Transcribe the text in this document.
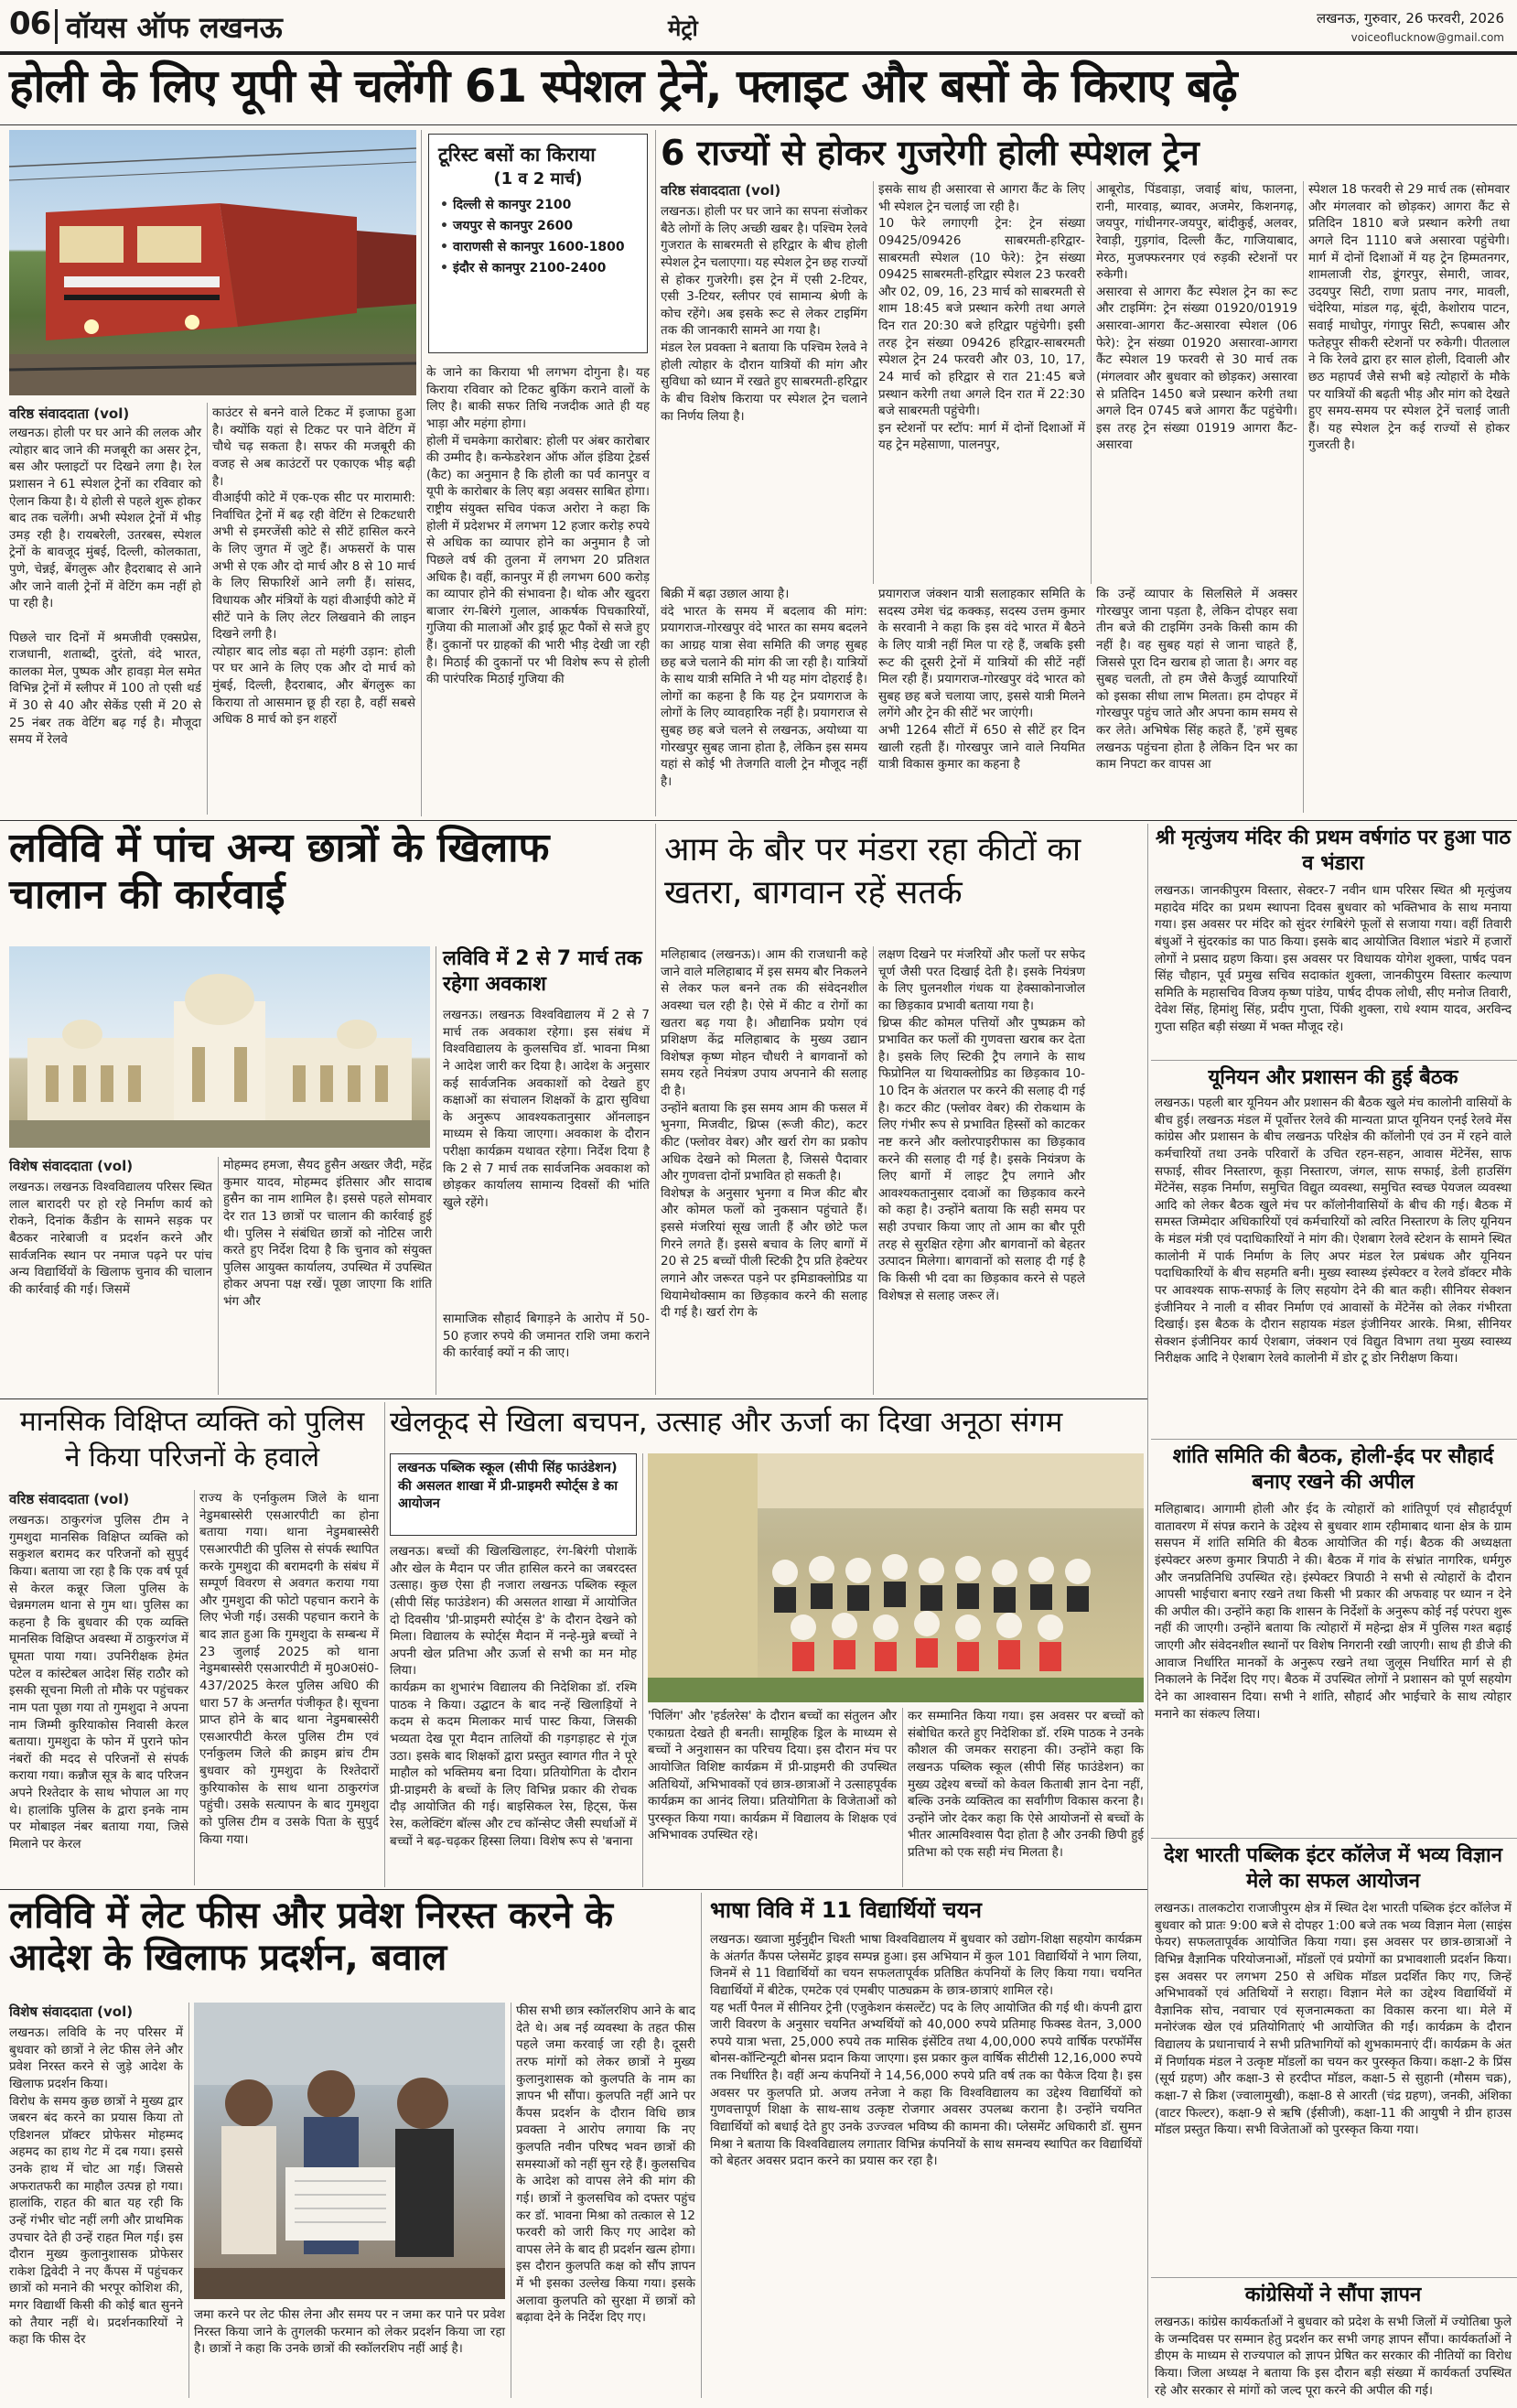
06 वॉयस ऑफ लखनऊ	मेट्रो	लखनऊ, गुरुवार, 26 फरवरी, 2026
voiceoflucknow@gmail.com
होली के लिए यूपी से चलेंगी 61 स्पेशल ट्रेनें, फ्लाइट और बसों के किराए बढ़े
वरिष्ठ संवाददाता (vol)
लखनऊ। होली पर घर आने की ललक और त्योहार बाद जाने की मजबूरी का असर ट्रेन, बस और फ्लाइटों पर दिखने लगा है। रेल प्रशासन ने 61 स्पेशल ट्रेनों का रविवार को ऐलान किया है। ये होली से पहले शुरू होकर बाद तक चलेंगी। अभी स्पेशल ट्रेनों में भीड़ उमड़ रही है। रायबरेली, उतरबस, स्पेशल ट्रेनों के बावजूद मुंबई, दिल्ली, कोलकाता, पुणे, चेन्नई, बेंगलुरू और हैदराबाद से आने और जाने वाली ट्रेनों में वेटिंग कम नहीं हो पा रही है।

पिछले चार दिनों में श्रमजीवी एक्सप्रेस, राजधानी, शताब्दी, दुरंतो, वंदे भारत, कालका मेल, पुष्पक और हावड़ा मेल समेत विभिन्न ट्रेनों में स्लीपर में 100 तो एसी थर्ड में 30 से 40 और सेकेंड एसी में 20 से 25 नंबर तक वेटिंग बढ़ गई है। मौजूदा समय में रेलवे
काउंटर से बनने वाले टिकट में इजाफा हुआ है। क्योंकि यहां से टिकट पर पाने वेटिंग में चौथे चढ़ सकता है। सफर की मजबूरी की वजह से अब काउंटरों पर एकाएक भीड़ बढ़ी है।
वीआईपी कोटे में एक-एक सीट पर मारामारी: निर्वाचित ट्रेनों में बढ़ रही वेटिंग से टिकटधारी अभी से इमरजेंसी कोटे से सीटें हासिल करने के लिए जुगत में जुटे हैं। अफसरों के पास अभी से एक और दो मार्च और 8 से 10 मार्च के लिए सिफारिशें आने लगी हैं। सांसद, विधायक और मंत्रियों के यहां वीआईपी कोटे में सीटें पाने के लिए लेटर लिखवाने की लाइन दिखने लगी है।
त्योहार बाद लोड बढ़ा तो महंगी उड़ान: होली पर घर आने के लिए एक और दो मार्च को मुंबई, दिल्ली, हैदराबाद, और बेंगलुरू का किराया तो आसमान छू ही रहा है, वहीं सबसे अधिक 8 मार्च को इन शहरों
टूरिस्ट बसों का किराया
(1 व 2 मार्च)
• दिल्ली से कानपुर 2100
• जयपुर से कानपुर 2600
• वाराणसी से कानपुर 1600-1800
• इंदौर से कानपुर 2100-2400
के जाने का किराया भी लगभग दोगुना है। यह किराया रविवार को टिकट बुकिंग कराने वालों के लिए है। बाकी सफर तिथि नजदीक आते ही यह भाड़ा और महंगा होगा।
होली में चमकेगा कारोबार: होली पर अंबर कारोबार की उम्मीद है। कन्फेडरेशन ऑफ ऑल इंडिया ट्रेडर्स (कैट) का अनुमान है कि होली का पर्व कानपुर व यूपी के कारोबार के लिए बड़ा अवसर साबित होगा। राष्ट्रीय संयुक्त सचिव पंकज अरोरा ने कहा कि होली में प्रदेशभर में लगभग 12 हजार करोड़ रुपये से अधिक का व्यापार होने का अनुमान है जो पिछले वर्ष की तुलना में लगभग 20 प्रतिशत अधिक है। वहीं, कानपुर में ही लगभग 600 करोड़ का व्यापार होने की संभावना है। थोक और खुदरा बाजार रंग-बिरंगे गुलाल, आकर्षक पिचकारियों, गुजिया की मालाओं और ड्राई फ्रूट पैकों से सजे हुए हैं। दुकानों पर ग्राहकों की भारी भीड़ देखी जा रही है। मिठाई की दुकानों पर भी विशेष रूप से होली की पारंपरिक मिठाई गुजिया की
6 राज्यों से होकर गुजरेगी होली स्पेशल ट्रेन
वरिष्ठ संवाददाता (vol)
लखनऊ। होली पर घर जाने का सपना संजोकर बैठे लोगों के लिए अच्छी खबर है। पश्चिम रेलवे गुजरात के साबरमती से हरिद्वार के बीच होली स्पेशल ट्रेन चलाएगा। यह स्पेशल ट्रेन छह राज्यों से होकर गुजरेगी। इस ट्रेन में एसी 2-टियर, एसी 3-टियर, स्लीपर एवं सामान्य श्रेणी के कोच रहेंगे। अब इसके रूट से लेकर टाइमिंग तक की जानकारी सामने आ गया है।
मंडल रेल प्रवक्ता ने बताया कि पश्चिम रेलवे ने होली त्योहार के दौरान यात्रियों की मांग और सुविधा को ध्यान में रखते हुए साबरमती-हरिद्वार के बीच विशेष किराया पर स्पेशल ट्रेन चलाने का निर्णय लिया है।
इसके साथ ही असारवा से आगरा कैंट के लिए भी स्पेशल ट्रेन चलाई जा रही है।
10 फेरे लगाएगी ट्रेन: ट्रेन संख्या 09425/09426 साबरमती-हरिद्वार-साबरमती स्पेशल (10 फेरे): ट्रेन संख्या 09425 साबरमती-हरिद्वार स्पेशल 23 फरवरी और 02, 09, 16, 23 मार्च को साबरमती से शाम 18:45 बजे प्रस्थान करेगी तथा अगले दिन रात 20:30 बजे हरिद्वार पहुंचेगी। इसी तरह ट्रेन संख्या 09426 हरिद्वार-साबरमती स्पेशल ट्रेन 24 फरवरी और 03, 10, 17, 24 मार्च को हरिद्वार से रात 21:45 बजे प्रस्थान करेगी तथा अगले दिन रात में 22:30 बजे साबरमती पहुंचेगी।
इन स्टेशनों पर स्टॉप: मार्ग में दोनों दिशाओं में यह ट्रेन महेसाणा, पालनपुर,
आबूरोड, पिंडवाड़ा, जवाई बांध, फालना, रानी, मारवाड़, ब्यावर, अजमेर, किशनगढ़, जयपुर, गांधीनगर-जयपुर, बांदीकुई, अलवर, रेवाड़ी, गुड़गांव, दिल्ली कैंट, गाजियाबाद, मेरठ, मुजफ्फरनगर एवं रुड़की स्टेशनों पर रुकेगी।
असारवा से आगरा कैंट स्पेशल ट्रेन का रूट और टाइमिंग: ट्रेन संख्या 01920/01919 असारवा-आगरा कैंट-असारवा स्पेशल (06 फेरे): ट्रेन संख्या 01920 असारवा-आगरा कैंट स्पेशल 19 फरवरी से 30 मार्च तक (मंगलवार और बुधवार को छोड़कर) असारवा से प्रतिदिन 1450 बजे प्रस्थान करेगी तथा अगले दिन 0745 बजे आगरा कैंट पहुंचेगी। इस तरह ट्रेन संख्या 01919 आगरा कैंट-असारवा
स्पेशल 18 फरवरी से 29 मार्च तक (सोमवार और मंगलवार को छोड़कर) आगरा कैंट से प्रतिदिन 1810 बजे प्रस्थान करेगी तथा अगले दिन 1110 बजे असारवा पहुंचेगी। मार्ग में दोनों दिशाओं में यह ट्रेन हिम्मतनगर, शामलाजी रोड, डूंगरपुर, सेमारी, जावर, उदयपुर सिटी, राणा प्रताप नगर, मावली, चंदेरिया, मांडल गढ़, बूंदी, केशोराय पाटन, सवाई माधोपुर, गंगापुर सिटी, रूपबास और फतेहपुर सीकरी स्टेशनों पर रुकेगी। पीतलाल ने कि रेलवे द्वारा हर साल होली, दिवाली और छठ महापर्व जैसे सभी बड़े त्योहारों के मौके पर यात्रियों की बढ़ती भीड़ और मांग को देखते हुए समय-समय पर स्पेशल ट्रेनें चलाई जाती हैं। यह स्पेशल ट्रेन कई राज्यों से होकर गुजरती है।
बिक्री में बढ़ा उछाल आया है।
वंदे भारत के समय में बदलाव की मांग: प्रयागराज-गोरखपुर वंदे भारत का समय बदलने का आग्रह यात्रा सेवा समिति की जगह सुबह छह बजे चलाने की मांग की जा रही है। यात्रियों के साथ यात्री समिति ने भी यह मांग दोहराई है। लोगों का कहना है कि यह ट्रेन प्रयागराज के लोगों के लिए व्यावहारिक नहीं है। प्रयागराज से सुबह छह बजे चलने से लखनऊ, अयोध्या या गोरखपुर सुबह जाना होता है, लेकिन इस समय यहां से कोई भी तेजगति वाली ट्रेन मौजूद नहीं है।
प्रयागराज जंक्शन यात्री सलाहकार समिति के सदस्य उमेश चंद्र कक्कड़, सदस्य उत्तम कुमार के सरवानी ने कहा कि इस वंदे भारत में बैठने के लिए यात्री नहीं मिल पा रहे हैं, जबकि इसी रूट की दूसरी ट्रेनों में यात्रियों की सीटें नहीं मिल रही हैं। प्रयागराज-गोरखपुर वंदे भारत को सुबह छह बजे चलाया जाए, इससे यात्री मिलने लगेंगे और ट्रेन की सीटें भर जाएंगी।
अभी 1264 सीटों में 650 से सीटें हर दिन खाली रहती हैं। गोरखपुर जाने वाले नियमित यात्री विकास कुमार का कहना है
कि उन्हें व्यापार के सिलसिले में अक्सर गोरखपुर जाना पड़ता है, लेकिन दोपहर सवा तीन बजे की टाइमिंग उनके किसी काम की नहीं है। वह सुबह यहां से जाना चाहते हैं, जिससे पूरा दिन खराब हो जाता है। अगर वह सुबह चलती, तो हम जैसे कैजुई व्यापारियों को इसका सीधा लाभ मिलता। हम दोपहर में गोरखपुर पहुंच जाते और अपना काम समय से कर लेते। अभिषेक सिंह कहते हैं, 'हमें सुबह लखनऊ पहुंचना होता है लेकिन दिन भर का काम निपटा कर वापस आ
लविवि में पांच अन्य छात्रों के खिलाफ चालान की कार्रवाई
लविवि में 2 से 7 मार्च तक रहेगा अवकाश
लखनऊ। लखनऊ विश्वविद्यालय में 2 से 7 मार्च तक अवकाश रहेगा। इस संबंध में विश्वविद्यालय के कुलसचिव डॉ. भावना मिश्रा ने आदेश जारी कर दिया है। आदेश के अनुसार कई सार्वजनिक अवकाशों को देखते हुए कक्षाओं का संचालन शिक्षकों के द्वारा सुविधा के अनुरूप आवश्यकतानुसार ऑनलाइन माध्यम से किया जाएगा। अवकाश के दौरान परीक्षा कार्यक्रम यथावत रहेगा। निर्देश दिया है कि 2 से 7 मार्च तक सार्वजनिक अवकाश को छोड़कर कार्यालय सामान्य दिवसों की भांति खुले रहेंगे।
सामाजिक सौहार्द बिगाड़ने के आरोप में 50-50 हजार रुपये की जमानत राशि जमा कराने की कार्रवाई क्यों न की जाए।
विशेष संवाददाता (vol)
लखनऊ। लखनऊ विश्वविद्यालय परिसर स्थित लाल बारादरी पर हो रहे निर्माण कार्य को रोकने, दिनांक कैंडीन के सामने सड़क पर बैठकर नारेबाजी व प्रदर्शन करने और सार्वजनिक स्थान पर नमाज पढ़ने पर पांच अन्य विद्यार्थियों के खिलाफ चुनाव की चालान की कार्रवाई की गई। जिसमें
मोहम्मद हमजा, सैयद हुसैन अख्तर जैदी, महेंद्र कुमार यादव, मोहम्मद इंतिसार और सादाब हुसैन का नाम शामिल है। इससे पहले सोमवार देर रात 13 छात्रों पर चालान की कार्रवाई हुई थी। पुलिस ने संबंधित छात्रों को नोटिस जारी करते हुए निर्देश दिया है कि चुनाव को संयुक्त पुलिस आयुक्त कार्यालय, उपस्थित में उपस्थित होकर अपना पक्ष रखें। पूछा जाएगा कि शांति भंग और
आम के बौर पर मंडरा रहा कीटों का खतरा, बागवान रहें सतर्क
मलिहाबाद (लखनऊ)। आम की राजधानी कहे जाने वाले मलिहाबाद में इस समय बौर निकलने से लेकर फल बनने तक की संवेदनशील अवस्था चल रही है। ऐसे में कीट व रोगों का खतरा बढ़ गया है। औद्यानिक प्रयोग एवं प्रशिक्षण केंद्र मलिहाबाद के मुख्य उद्यान विशेषज्ञ कृष्ण मोहन चौधरी ने बागवानों को समय रहते नियंत्रण उपाय अपनाने की सलाह दी है।
उन्होंने बताया कि इस समय आम की फसल में भुनगा, मिजवीट, थ्रिप्स (रूजी कीट), कटर कीट (फ्लोवर वेबर) और खर्रा रोग का प्रकोप अधिक देखने को मिलता है, जिससे पैदावार और गुणवत्ता दोनों प्रभावित हो सकती है।
विशेषज्ञ के अनुसार भुनगा व मिज कीट बौर और कोमल फलों को नुकसान पहुंचाते हैं। इससे मंजरियां सूख जाती हैं और छोटे फल गिरने लगते हैं। इससे बचाव के लिए बागों में 20 से 25 बच्चों पीली स्टिकी ट्रैप प्रति हेक्टेयर लगाने और जरूरत पड़ने पर इमिडाक्लोप्रिड या थियामेथोक्साम का छिड़काव करने की सलाह दी गई है। खर्रा रोग के
लक्षण दिखने पर मंजरियों और फलों पर सफेद चूर्ण जैसी परत दिखाई देती है। इसके नियंत्रण के लिए घुलनशील गंधक या हेक्साकोनाजोल का छिड़काव प्रभावी बताया गया है।
थ्रिप्स कीट कोमल पत्तियों और पुष्पक्रम को प्रभावित कर फलों की गुणवत्ता खराब कर देता है। इसके लिए स्टिकी ट्रैप लगाने के साथ फिप्रोनिल या थियाक्लोप्रिड का छिड़काव 10-10 दिन के अंतराल पर करने की सलाह दी गई है। कटर कीट (फ्लोवर वेबर) की रोकथाम के लिए गंभीर रूप से प्रभावित हिस्सों को काटकर नष्ट करने और क्लोरपाइरीफास का छिड़काव करने की सलाह दी गई है। इसके नियंत्रण के लिए बागों में लाइट ट्रैप लगाने और आवश्यकतानुसार दवाओं का छिड़काव करने को कहा है। उन्होंने बताया कि सही समय पर सही उपचार किया जाए तो आम का बौर पूरी तरह से सुरक्षित रहेगा और बागवानों को बेहतर उत्पादन मिलेगा। बागवानों को सलाह दी गई है कि किसी भी दवा का छिड़काव करने से पहले विशेषज्ञ से सलाह जरूर लें।
श्री मृत्युंजय मंदिर की प्रथम वर्षगांठ पर हुआ पाठ व भंडारा
लखनऊ। जानकीपुरम विस्तार, सेक्टर-7 नवीन धाम परिसर स्थित श्री मृत्युंजय महादेव मंदिर का प्रथम स्थापना दिवस बुधवार को भक्तिभाव के साथ मनाया गया। इस अवसर पर मंदिर को सुंदर रंगबिरंगे फूलों से सजाया गया। वहीं तिवारी बंधुओं ने सुंदरकांड का पाठ किया। इसके बाद आयोजित विशाल भंडारे में हजारों लोगों ने प्रसाद ग्रहण किया। इस अवसर पर विधायक योगेश शुक्ला, पार्षद पवन सिंह चौहान, पूर्व प्रमुख सचिव सदाकांत शुक्ला, जानकीपुरम विस्तार कल्याण समिति के महासचिव विजय कृष्ण पांडेय, पार्षद दीपक लोधी, सीए मनोज तिवारी, देवेश सिंह, हिमांशु सिंह, प्रदीप गुप्ता, पिंकी शुक्ला, राधे श्याम यादव, अरविन्द गुप्ता सहित बड़ी संख्या में भक्त मौजूद रहे।
यूनियन और प्रशासन की हुई बैठक
लखनऊ। पहली बार यूनियन और प्रशासन की बैठक खुले मंच कालोनी वासियों के बीच हुई। लखनऊ मंडल में पूर्वोत्तर रेलवे की मान्यता प्राप्त यूनियन एनई रेलवे मेंस कांग्रेस और प्रशासन के बीच लखनऊ परिक्षेत्र की कॉलोनी एवं उन में रहने वाले कर्मचारियों तथा उनके परिवारों के उचित रहन-सहन, आवास मेंटेनेंस, साफ सफाई, सीवर निस्तारण, कूड़ा निस्तारण, जंगल, साफ सफाई, डेली हाउसिंग मेंटेनेंस, सड़क निर्माण, समुचित विद्युत व्यवस्था, समुचित स्वच्छ पेयजल व्यवस्था आदि को लेकर बैठक खुले मंच पर कॉलोनीवासियों के बीच की गई। बैठक में समस्त जिम्मेदार अधिकारियों एवं कर्मचारियों को त्वरित निस्तारण के लिए यूनियन के मंडल मंत्री एवं पदाधिकारियों ने मांग की। ऐशबाग रेलवे स्टेशन के सामने स्थित कालोनी में पार्क निर्माण के लिए अपर मंडल रेल प्रबंधक और यूनियन पदाधिकारियों के बीच सहमति बनी। मुख्य स्वास्थ्य इंस्पेक्टर व रेलवे डॉक्टर मौके पर आवश्यक साफ-सफाई के लिए सहयोग देने की बात कही। सीनियर सेक्शन इंजीनियर ने नाली व सीवर निर्माण एवं आवासों के मेंटेनेंस को लेकर गंभीरता दिखाई। इस बैठक के दौरान सहायक मंडल इंजीनियर आरके. मिश्रा, सीनियर सेक्शन इंजीनियर कार्य ऐशबाग, जंक्शन एवं विद्युत विभाग तथा मुख्य स्वास्थ्य निरीक्षक आदि ने ऐशबाग रेलवे कालोनी में डोर टू डोर निरीक्षण किया।
शांति समिति की बैठक, होली-ईद पर सौहार्द बनाए रखने की अपील
मलिहाबाद। आगामी होली और ईद के त्योहारों को शांतिपूर्ण एवं सौहार्दपूर्ण वातावरण में संपन्न कराने के उद्देश्य से बुधवार शाम रहीमाबाद थाना क्षेत्र के ग्राम ससपन में शांति समिति की बैठक आयोजित की गई। बैठक की अध्यक्षता इंस्पेक्टर अरुण कुमार त्रिपाठी ने की। बैठक में गांव के संभ्रांत नागरिक, धर्मगुरु और जनप्रतिनिधि उपस्थित रहे। इंस्पेक्टर त्रिपाठी ने सभी से त्योहारों के दौरान आपसी भाईचारा बनाए रखने तथा किसी भी प्रकार की अफवाह पर ध्यान न देने की अपील की। उन्होंने कहा कि शासन के निर्देशों के अनुरूप कोई नई परंपरा शुरू नहीं की जाएगी। उन्होंने बताया कि त्योहारों में महेन्द्रा क्षेत्र में पुलिस गश्त बढ़ाई जाएगी और संवेदनशील स्थानों पर विशेष निगरानी रखी जाएगी। साथ ही डीजे की आवाज निर्धारित मानकों के अनुरूप रखने तथा जुलूस निर्धारित मार्ग से ही निकालने के निर्देश दिए गए। बैठक में उपस्थित लोगों ने प्रशासन को पूर्ण सहयोग देने का आश्वासन दिया। सभी ने शांति, सौहार्द और भाईचारे के साथ त्योहार मनाने का संकल्प लिया।
देश भारती पब्लिक इंटर कॉलेज में भव्य विज्ञान मेले का सफल आयोजन
लखनऊ। तालकटोरा राजाजीपुरम क्षेत्र में स्थित देश भारती पब्लिक इंटर कॉलेज में बुधवार को प्रातः 9:00 बजे से दोपहर 1:00 बजे तक भव्य विज्ञान मेला (साइंस फेयर) सफलतापूर्वक आयोजित किया गया। इस अवसर पर छात्र-छात्राओं ने विभिन्न वैज्ञानिक परियोजनाओं, मॉडलों एवं प्रयोगों का प्रभावशाली प्रदर्शन किया। इस अवसर पर लगभग 250 से अधिक मॉडल प्रदर्शित किए गए, जिन्हें अभिभावकों एवं अतिथियों ने सराहा। विज्ञान मेले का उद्देश्य विद्यार्थियों में वैज्ञानिक सोच, नवाचार एवं सृजनात्मकता का विकास करना था। मेले में मनोरंजक खेल एवं प्रतियोगिताएं भी आयोजित की गईं। कार्यक्रम के दौरान विद्यालय के प्रधानाचार्य ने सभी प्रतिभागियों को शुभकामनाएं दीं। कार्यक्रम के अंत में निर्णायक मंडल ने उत्कृष्ट मॉडलों का चयन कर पुरस्कृत किया। कक्षा-2 के प्रिंस (सूर्य ग्रहण) और कक्षा-3 से हरदीप्त मॉडल, कक्षा-5 से सुहानी (मौसम चक्र), कक्षा-7 से क्रिश (ज्वालामुखी), कक्षा-8 से आरती (चंद्र ग्रहण), जनकी, अंशिका (वाटर फिल्टर), कक्षा-9 से ऋषि (ईसीजी), कक्षा-11 की आयुषी ने ग्रीन हाउस मॉडल प्रस्तुत किया। सभी विजेताओं को पुरस्कृत किया गया।
कांग्रेसियों ने सौंपा ज्ञापन
लखनऊ। कांग्रेस कार्यकर्ताओं ने बुधवार को प्रदेश के सभी जिलों में ज्योतिबा फुले के जन्मदिवस पर सम्मान हेतु प्रदर्शन कर सभी जगह ज्ञापन सौंपा। कार्यकर्ताओं ने डीएम के माध्यम से राज्यपाल को ज्ञापन प्रेषित कर सरकार की नीतियों का विरोध किया। जिला अध्यक्ष ने बताया कि इस दौरान बड़ी संख्या में कार्यकर्ता उपस्थित रहे और सरकार से मांगों को जल्द पूरा करने की अपील की गई।
मानसिक विक्षिप्त व्यक्ति को पुलिस ने किया परिजनों के हवाले
वरिष्ठ संवाददाता (vol)
लखनऊ। ठाकुरगंज पुलिस टीम ने गुमशुदा मानसिक विक्षिप्त व्यक्ति को सकुशल बरामद कर परिजनों को सुपुर्द किया। बताया जा रहा है कि एक वर्ष पूर्व से केरल कन्नूर जिला पुलिस के चेन्नमगलम थाना से गुम था। पुलिस का कहना है कि बुधवार की एक व्यक्ति मानसिक विक्षिप्त अवस्था में ठाकुरगंज में घूमता पाया गया। उपनिरीक्षक हेमंत पटेल व कांस्टेबल आदेश सिंह राठौर को इसकी सूचना मिली तो मौके पर पहुंचकर नाम पता पूछा गया तो गुमशुदा ने अपना नाम जिम्मी कुरियाकोस निवासी केरल बताया। गुमशुदा के फोन में पुराने फोन नंबरों की मदद से परिजनों से संपर्क कराया गया। कन्नौज सूत्र के बाद परिजन अपने रिश्तेदार के साथ भोपाल आ गए थे। हालांकि पुलिस के द्वारा इनके नाम पर मोबाइल नंबर बताया गया, जिसे मिलाने पर केरल
राज्य के एर्नाकुलम जिले के थाना नेडुमबास्सेरी एसआरपीटी का होना बताया गया। थाना नेडुमबास्सेरी एसआरपीटी की पुलिस से संपर्क स्थापित करके गुमशुदा की बरामदगी के संबंध में सम्पूर्ण विवरण से अवगत कराया गया और गुमशुदा की फोटो पहचान कराने के लिए भेजी गई। उसकी पहचान कराने के बाद ज्ञात हुआ कि गुमशुदा के सम्बन्ध में 23 जुलाई 2025 को थाना नेडुमबास्सेरी एसआरपीटी में मु0अ0सं0-437/2025 केरल पुलिस अधि0 की धारा 57 के अन्तर्गत पंजीकृत है। सूचना प्राप्त होने के बाद थाना नेडुमबास्सेरी एसआरपीटी केरल पुलिस टीम एवं एर्नाकुलम जिले की क्राइम ब्रांच टीम बुधवार को गुमशुदा के रिश्तेदारों कुरियाकोस के साथ थाना ठाकुरगंज पहुंची। उसके सत्यापन के बाद गुमशुदा को पुलिस टीम व उसके पिता के सुपुर्द किया गया।
खेलकूद से खिला बचपन, उत्साह और ऊर्जा का दिखा अनूठा संगम
लखनऊ पब्लिक स्कूल (सीपी सिंह फाउंडेशन) की असलत शाखा में प्री-प्राइमरी स्पोर्ट्स डे का आयोजन
लखनऊ। बच्चों की खिलखिलाहट, रंग-बिरंगी पोशाकें और खेल के मैदान पर जीत हासिल करने का जबरदस्त उत्साह। कुछ ऐसा ही नजारा लखनऊ पब्लिक स्कूल (सीपी सिंह फाउंडेशन) की असलत शाखा में आयोजित दो दिवसीय 'प्री-प्राइमरी स्पोर्ट्स डे' के दौरान देखने को मिला। विद्यालय के स्पोर्ट्स मैदान में नन्हे-मुन्ने बच्चों ने अपनी खेल प्रतिभा और ऊर्जा से सभी का मन मोह लिया।
कार्यक्रम का शुभारंभ विद्यालय की निदेशिका डॉ. रश्मि पाठक ने किया। उद्घाटन के बाद नन्हें खिलाड़ियों ने कदम से कदम मिलाकर मार्च पास्ट किया, जिसकी भव्यता देख पूरा मैदान तालियों की गड़गड़ाहट से गूंज उठा। इसके बाद शिक्षकों द्वारा प्रस्तुत स्वागत गीत ने पूरे माहौल को भक्तिमय बना दिया। प्रतियोगिता के दौरान प्री-प्राइमरी के बच्चों के लिए विभिन्न प्रकार की रोचक दौड़ आयोजित की गई। बाइसिकल रेस, हिट्स, फेंस रेस, कलेक्टिंग बॉल्स और टच कॉन्सेप्ट जैसी स्पर्धाओं में बच्चों ने बढ़-चढ़कर हिस्सा लिया। विशेष रूप से 'बनाना
'पिलिंग' और 'हर्डलरेस' के दौरान बच्चों का संतुलन और एकाग्रता देखते ही बनती। सामूहिक ड्रिल के माध्यम से बच्चों ने अनुशासन का परिचय दिया। इस दौरान मंच पर आयोजित विशिष्ट कार्यक्रम में प्री-प्राइमरी की उपस्थित अतिथियों, अभिभावकों एवं छात्र-छात्राओं ने उत्साहपूर्वक कार्यक्रम का आनंद लिया। प्रतियोगिता के विजेताओं को पुरस्कृत किया गया। कार्यक्रम में विद्यालय के शिक्षक एवं अभिभावक उपस्थित रहे।
कर सम्मानित किया गया। इस अवसर पर बच्चों को संबोधित करते हुए निदेशिका डॉ. रश्मि पाठक ने उनके कौशल की जमकर सराहना की। उन्होंने कहा कि लखनऊ पब्लिक स्कूल (सीपी सिंह फाउंडेशन) का मुख्य उद्देश्य बच्चों को केवल किताबी ज्ञान देना नहीं, बल्कि उनके व्यक्तित्व का सर्वांगीण विकास करना है। उन्होंने जोर देकर कहा कि ऐसे आयोजनों से बच्चों के भीतर आत्मविश्वास पैदा होता है और उनकी छिपी हुई प्रतिभा को एक सही मंच मिलता है।
लविवि में लेट फीस और प्रवेश निरस्त करने के आदेश के खिलाफ प्रदर्शन, बवाल
विशेष संवाददाता (vol)
लखनऊ। लविवि के नए परिसर में बुधवार को छात्रों ने लेट फीस लेने और प्रवेश निरस्त करने से जुड़े आदेश के खिलाफ प्रदर्शन किया।
विरोध के समय कुछ छात्रों ने मुख्य द्वार जबरन बंद करने का प्रयास किया तो एडिशनल प्रॉक्टर प्रोफेसर मोहम्मद अहमद का हाथ गेट में दब गया। इससे उनके हाथ में चोट आ गई। जिससे अफरातफरी का माहौल उत्पन्न हो गया। हालांकि, राहत की बात यह रही कि उन्हें गंभीर चोट नहीं लगी और प्राथमिक उपचार देते ही उन्हें राहत मिल गई। इस दौरान मुख्य कुलानुशासक प्रोफेसर राकेश द्विवेदी ने नए कैंपस में पहुंचकर छात्रों को मनाने की भरपूर कोशिश की, मगर विद्यार्थी किसी की कोई बात सुनने को तैयार नहीं थे। प्रदर्शनकारियों ने कहा कि फीस देर
जमा करने पर लेट फीस लेना और समय पर न जमा कर पाने पर प्रवेश निरस्त किया जाने के तुगलकी फरमान को लेकर प्रदर्शन किया जा रहा है। छात्रों ने कहा कि उनके छात्रों की स्कॉलरशिप नहीं आई है।
फीस सभी छात्र स्कॉलरशिप आने के बाद देते थे। अब नई व्यवस्था के तहत फीस पहले जमा करवाई जा रही है। दूसरी तरफ मांगों को लेकर छात्रों ने मुख्य कुलानुशासक को कुलपति के नाम का ज्ञापन भी सौंपा। कुलपति नहीं आने पर कैंपस प्रदर्शन के दौरान विधि छात्र प्रवक्ता ने आरोप लगाया कि नए कुलपति नवीन परिषद भवन छात्रों की समस्याओं को नहीं सुन रहे हैं। कुलसचिव के आदेश को वापस लेने की मांग की गई। छात्रों ने कुलसचिव को दफ्तर पहुंच कर डॉ. भावना मिश्रा को तत्काल से 12 फरवरी को जारी किए गए आदेश को वापस लेने के बाद ही प्रदर्शन खत्म होगा। इस दौरान कुलपति कक्ष को सौंप ज्ञापन में भी इसका उल्लेख किया गया। इसके अलावा कुलपति को सुरक्षा में छात्रों को बढ़ावा देने के निर्देश दिए गए।
भाषा विवि में 11 विद्यार्थियों चयन
लखनऊ। ख्वाजा मुईनुद्दीन चिश्ती भाषा विश्वविद्यालय में बुधवार को उद्योग-शिक्षा सहयोग कार्यक्रम के अंतर्गत कैंपस प्लेसमेंट ड्राइव सम्पन्न हुआ। इस अभियान में कुल 101 विद्यार्थियों ने भाग लिया, जिनमें से 11 विद्यार्थियों का चयन सफलतापूर्वक प्रतिष्ठित कंपनियों के लिए किया गया। चयनित विद्यार्थियों में बीटेक, एमटेक एवं एमबीए पाठ्यक्रम के छात्र-छात्राएं शामिल रहे।
यह भर्ती पैनल में सीनियर ट्रेनी (एजुकेशन कंसल्टेंट) पद के लिए आयोजित की गई थी। कंपनी द्वारा जारी विवरण के अनुसार चयनित अभ्यर्थियों को 40,000 रुपये प्रतिमाह फिक्स्ड वेतन, 3,000 रुपये यात्रा भत्ता, 25,000 रुपये तक मासिक इंसेंटिव तथा 4,00,000 रुपये वार्षिक परफॉर्मेंस बोनस-कॉन्टिन्यूटी बोनस प्रदान किया जाएगा। इस प्रकार कुल वार्षिक सीटीसी 12,16,000 रुपये तक निर्धारित है। वहीं अन्य कंपनियों ने 14,56,000 रुपये प्रति वर्ष तक का पैकेज दिया है। इस अवसर पर कुलपति प्रो. अजय तनेजा ने कहा कि विश्वविद्यालय का उद्देश्य विद्यार्थियों को गुणवत्तापूर्ण शिक्षा के साथ-साथ उत्कृष्ट रोजगार अवसर उपलब्ध कराना है। उन्होंने चयनित विद्यार्थियों को बधाई देते हुए उनके उज्ज्वल भविष्य की कामना की। प्लेसमेंट अधिकारी डॉ. सुमन मिश्रा ने बताया कि विश्वविद्यालय लगातार विभिन्न कंपनियों के साथ समन्वय स्थापित कर विद्यार्थियों को बेहतर अवसर प्रदान करने का प्रयास कर रहा है।
